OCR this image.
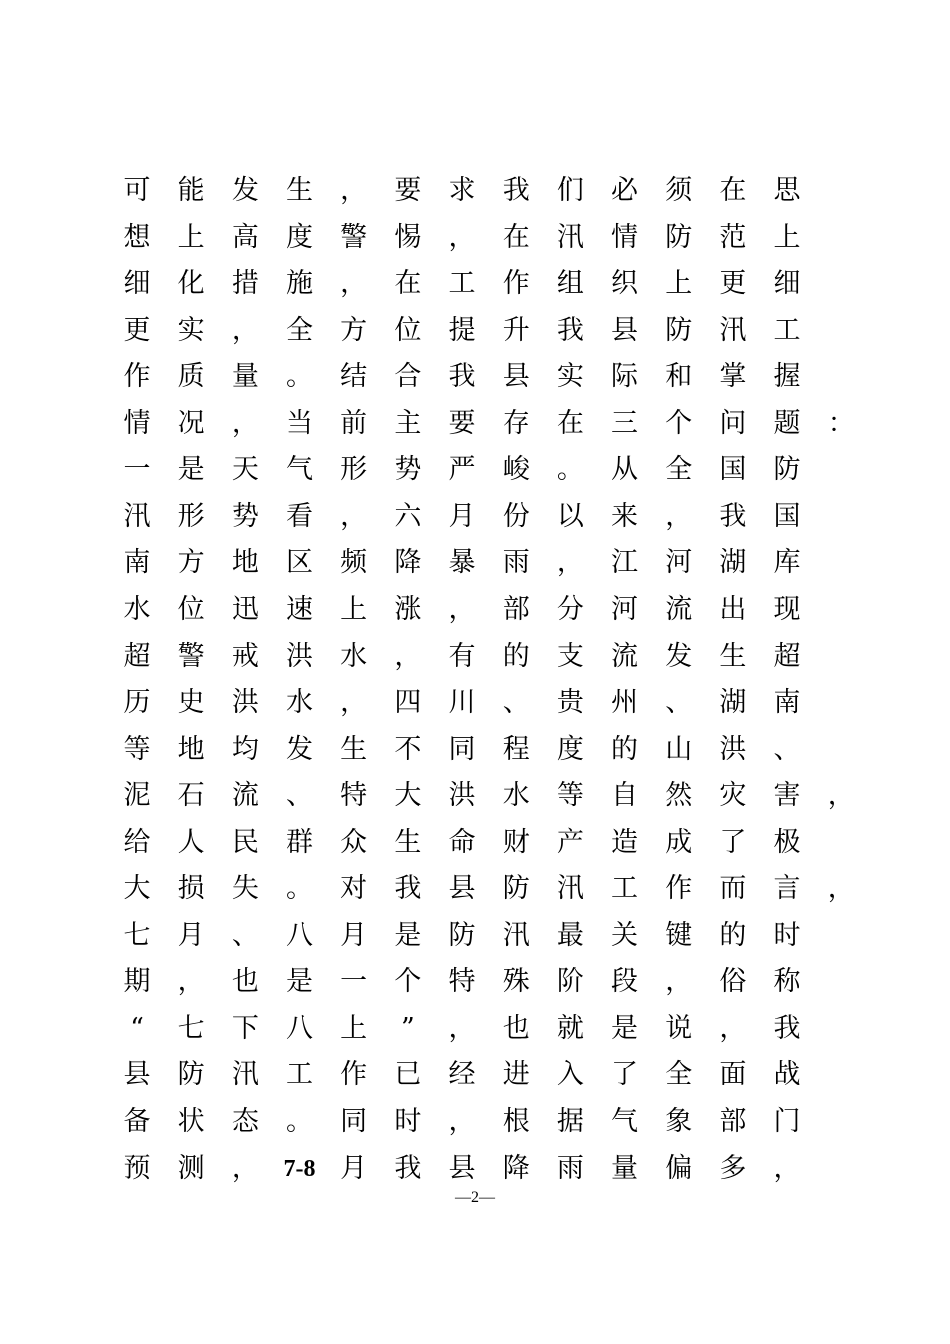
可	能	发	生	，	要	求	我	们	必	须	在	思
想	上	高	度	警	惕	，	在	汛	情	防	范	上
细	化	措	施	，	在	工	作	组	织	上	更	细
更	实	，	全	方	位	提	升	我	县	防	汛	工
作	质	量	。	结	合	我	县	实	际	和	掌	握
情	况	，	当	前	主	要	存	在	三	个	问	题	：
一	是	天	气	形	势	严	峻	。	从	全	国	防
汛	形	势	看	，	六	月	份	以	来	，	我	国
南	方	地	区	频	降	暴	雨	，	江	河	湖	库
水	位	迅	速	上	涨	，	部	分	河	流	出	现
超	警	戒	洪	水	，	有	的	支	流	发	生	超
历	史	洪	水	，	四	川	、	贵	州	、	湖	南
等	地	均	发	生	不	同	程	度	的	山	洪	、
泥	石	流	、	特	大	洪	水	等	自	然	灾	害	，
给	人	民	群	众	生	命	财	产	造	成	了	极
大	损	失	。	对	我	县	防	汛	工	作	而	言	，
七	月	、	八	月	是	防	汛	最	关	键	的	时
期	，	也	是	一	个	特	殊	阶	段	，	俗	称
“	七	下	八	上	”	，	也	就	是	说	，	我
县	防	汛	工	作	已	经	进	入	了	全	面	战
备	状	态	。	同	时	，	根	据	气	象	部	门
预	测	，	7-8 月	我	县	降	雨	量	偏	多	，
—2—
